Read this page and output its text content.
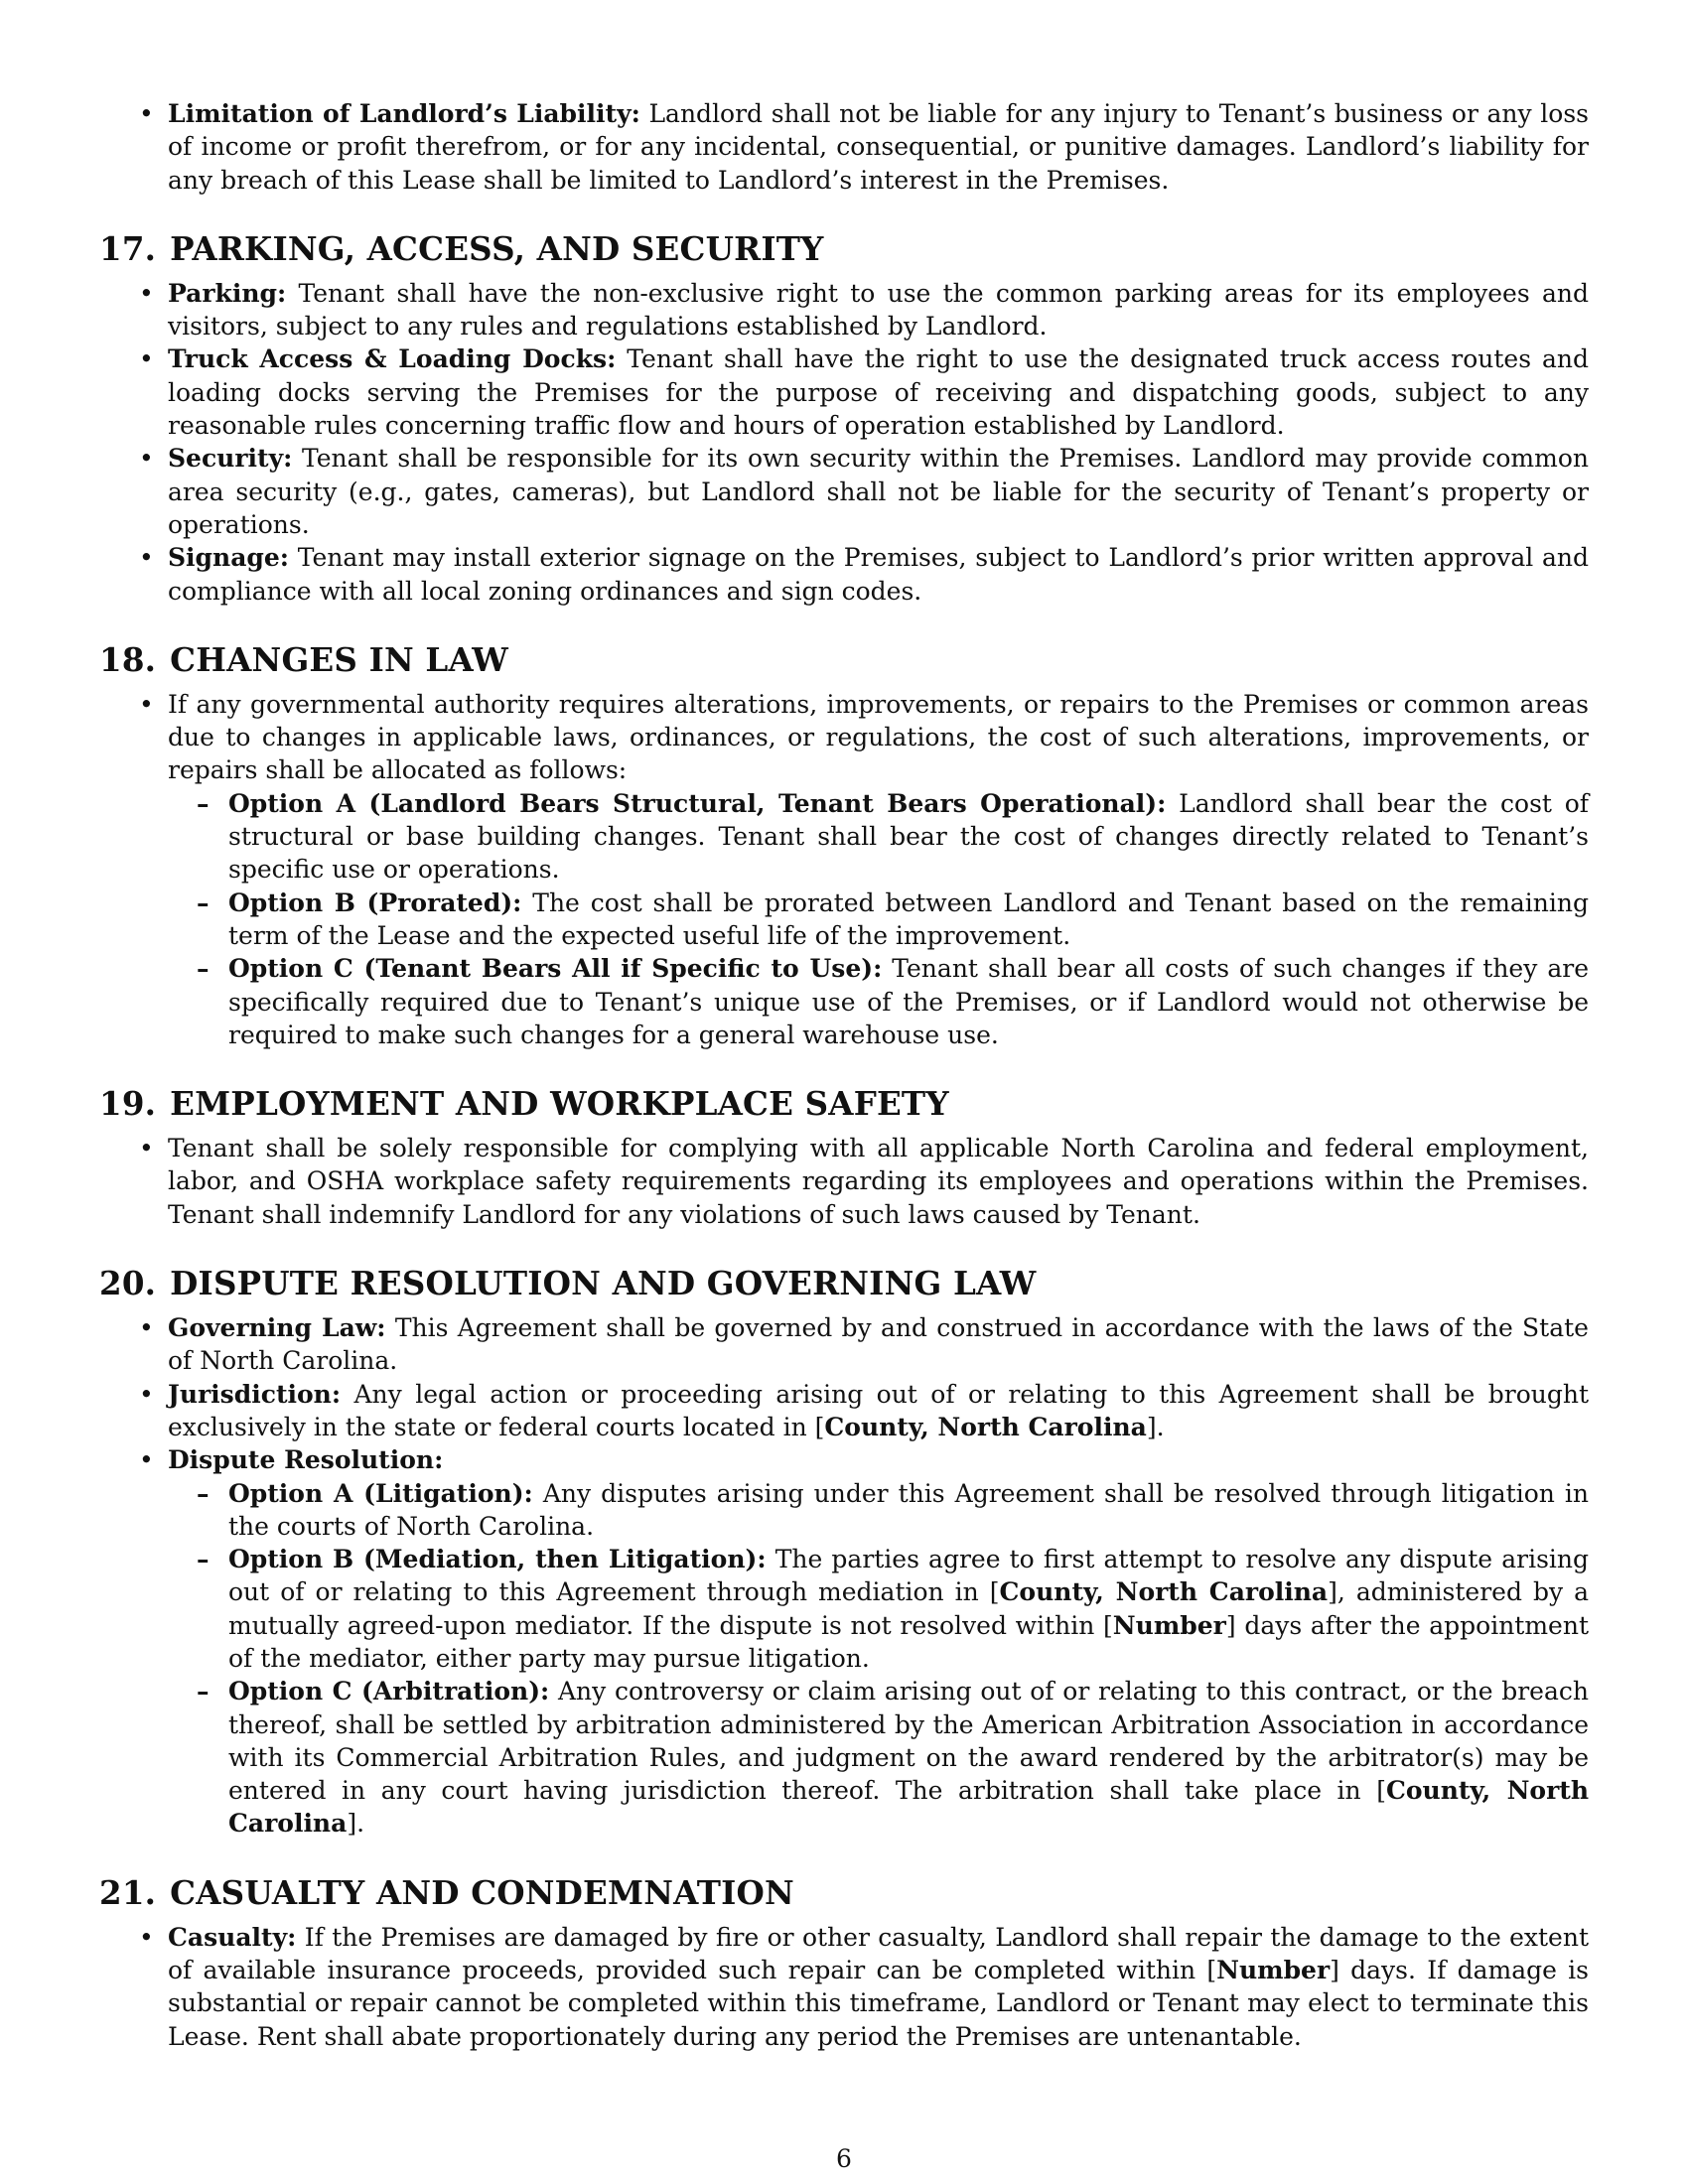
• Limitation of Landlord’s Liability: Landlord shall not be liable for any injury to Tenant’s business or any loss of income or profit therefrom, or for any incidental, consequential, or punitive damages. Landlord’s liability for any breach of this Lease shall be limited to Landlord’s interest in the Premises.
17. PARKING, ACCESS, AND SECURITY
• Parking: Tenant shall have the non-exclusive right to use the common parking areas for its employees and visitors, subject to any rules and regulations established by Landlord.
• Truck Access & Loading Docks: Tenant shall have the right to use the designated truck access routes and loading docks serving the Premises for the purpose of receiving and dispatching goods, subject to any reasonable rules concerning traffic flow and hours of operation established by Landlord.
• Security: Tenant shall be responsible for its own security within the Premises. Landlord may provide common area security (e.g., gates, cameras), but Landlord shall not be liable for the security of Tenant’s property or operations.
• Signage: Tenant may install exterior signage on the Premises, subject to Landlord’s prior written approval and compliance with all local zoning ordinances and sign codes.
18. CHANGES IN LAW
• If any governmental authority requires alterations, improvements, or repairs to the Premises or common areas due to changes in applicable laws, ordinances, or regulations, the cost of such alterations, improvements, or repairs shall be allocated as follows:
– Option A (Landlord Bears Structural, Tenant Bears Operational): Landlord shall bear the cost of structural or base building changes. Tenant shall bear the cost of changes directly related to Tenant’s specific use or operations.
– Option B (Prorated): The cost shall be prorated between Landlord and Tenant based on the remaining term of the Lease and the expected useful life of the improvement.
– Option C (Tenant Bears All if Specific to Use): Tenant shall bear all costs of such changes if they are specifically required due to Tenant’s unique use of the Premises, or if Landlord would not otherwise be required to make such changes for a general warehouse use.
19. EMPLOYMENT AND WORKPLACE SAFETY
• Tenant shall be solely responsible for complying with all applicable North Carolina and federal employment, labor, and OSHA workplace safety requirements regarding its employees and operations within the Premises. Tenant shall indemnify Landlord for any violations of such laws caused by Tenant.
20. DISPUTE RESOLUTION AND GOVERNING LAW
• Governing Law: This Agreement shall be governed by and construed in accordance with the laws of the State of North Carolina.
• Jurisdiction: Any legal action or proceeding arising out of or relating to this Agreement shall be brought exclusively in the state or federal courts located in [County, North Carolina].
• Dispute Resolution:
– Option A (Litigation): Any disputes arising under this Agreement shall be resolved through litigation in the courts of North Carolina.
– Option B (Mediation, then Litigation): The parties agree to first attempt to resolve any dispute arising out of or relating to this Agreement through mediation in [County, North Carolina], administered by a mutually agreed-upon mediator. If the dispute is not resolved within [Number] days after the appointment of the mediator, either party may pursue litigation.
– Option C (Arbitration): Any controversy or claim arising out of or relating to this contract, or the breach thereof, shall be settled by arbitration administered by the American Arbitration Association in accordance with its Commercial Arbitration Rules, and judgment on the award rendered by the arbitrator(s) may be entered in any court having jurisdiction thereof. The arbitration shall take place in [County, North Carolina].
21. CASUALTY AND CONDEMNATION
• Casualty: If the Premises are damaged by fire or other casualty, Landlord shall repair the damage to the extent of available insurance proceeds, provided such repair can be completed within [Number] days. If damage is substantial or repair cannot be completed within this timeframe, Landlord or Tenant may elect to terminate this Lease. Rent shall abate proportionately during any period the Premises are untenantable.
6
